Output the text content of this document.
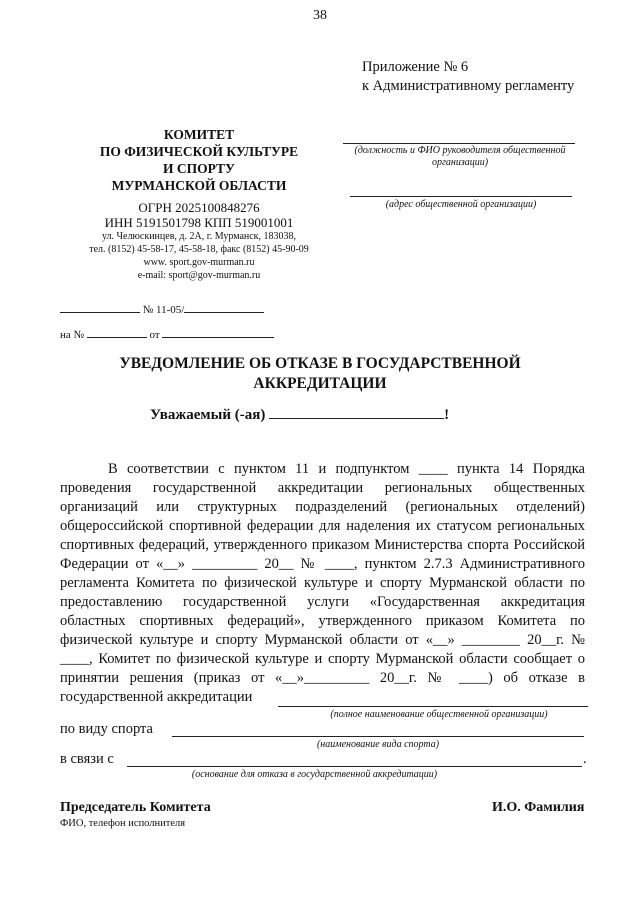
38
Приложение № 6
к Административному регламенту
КОМИТЕТ
ПО ФИЗИЧЕСКОЙ КУЛЬТУРЕ
И СПОРТУ
МУРМАНСКОЙ ОБЛАСТИ
ОГРН 2025100848276
ИНН 5191501798 КПП 519001001
ул. Челюскинцев, д. 2А, г. Мурманск, 183038,
тел. (8152) 45-58-17, 45-58-18, факс (8152) 45-90-09
www. sport.gov-murman.ru
e-mail: sport@gov-murman.ru
(должность и ФИО руководителя общественной организации)
(адрес общественной организации)
№ 11-05/
на №	от
УВЕДОМЛЕНИЕ ОБ ОТКАЗЕ В ГОСУДАРСТВЕННОЙ АККРЕДИТАЦИИ
Уважаемый (-ая)	!
В соответствии с пунктом 11 и подпунктом ____ пункта 14 Порядка проведения государственной аккредитации региональных общественных организаций или структурных подразделений (региональных отделений) общероссийской спортивной федерации для наделения их статусом региональных спортивных федераций, утвержденного приказом Министерства спорта Российской Федерации от «__» _________ 20__ № ____, пунктом 2.7.3 Административного регламента Комитета по физической культуре и спорту Мурманской области по предоставлению государственной услуги «Государственная аккредитация областных спортивных федераций», утвержденного приказом Комитета по физической культуре и спорту Мурманской области от «__» ________ 20__г. № ____, Комитет по физической культуре и спорту Мурманской области сообщает о принятии решения (приказ от «__»_________ 20__г. № ____) об отказе в государственной аккредитации
(полное наименование общественной организации)
по виду спорта
(наименование вида спорта)
в связи с	.
(основание для отказа в государственной аккредитации)
Председатель Комитета	И.О. Фамилия
ФИО, телефон исполнителя
